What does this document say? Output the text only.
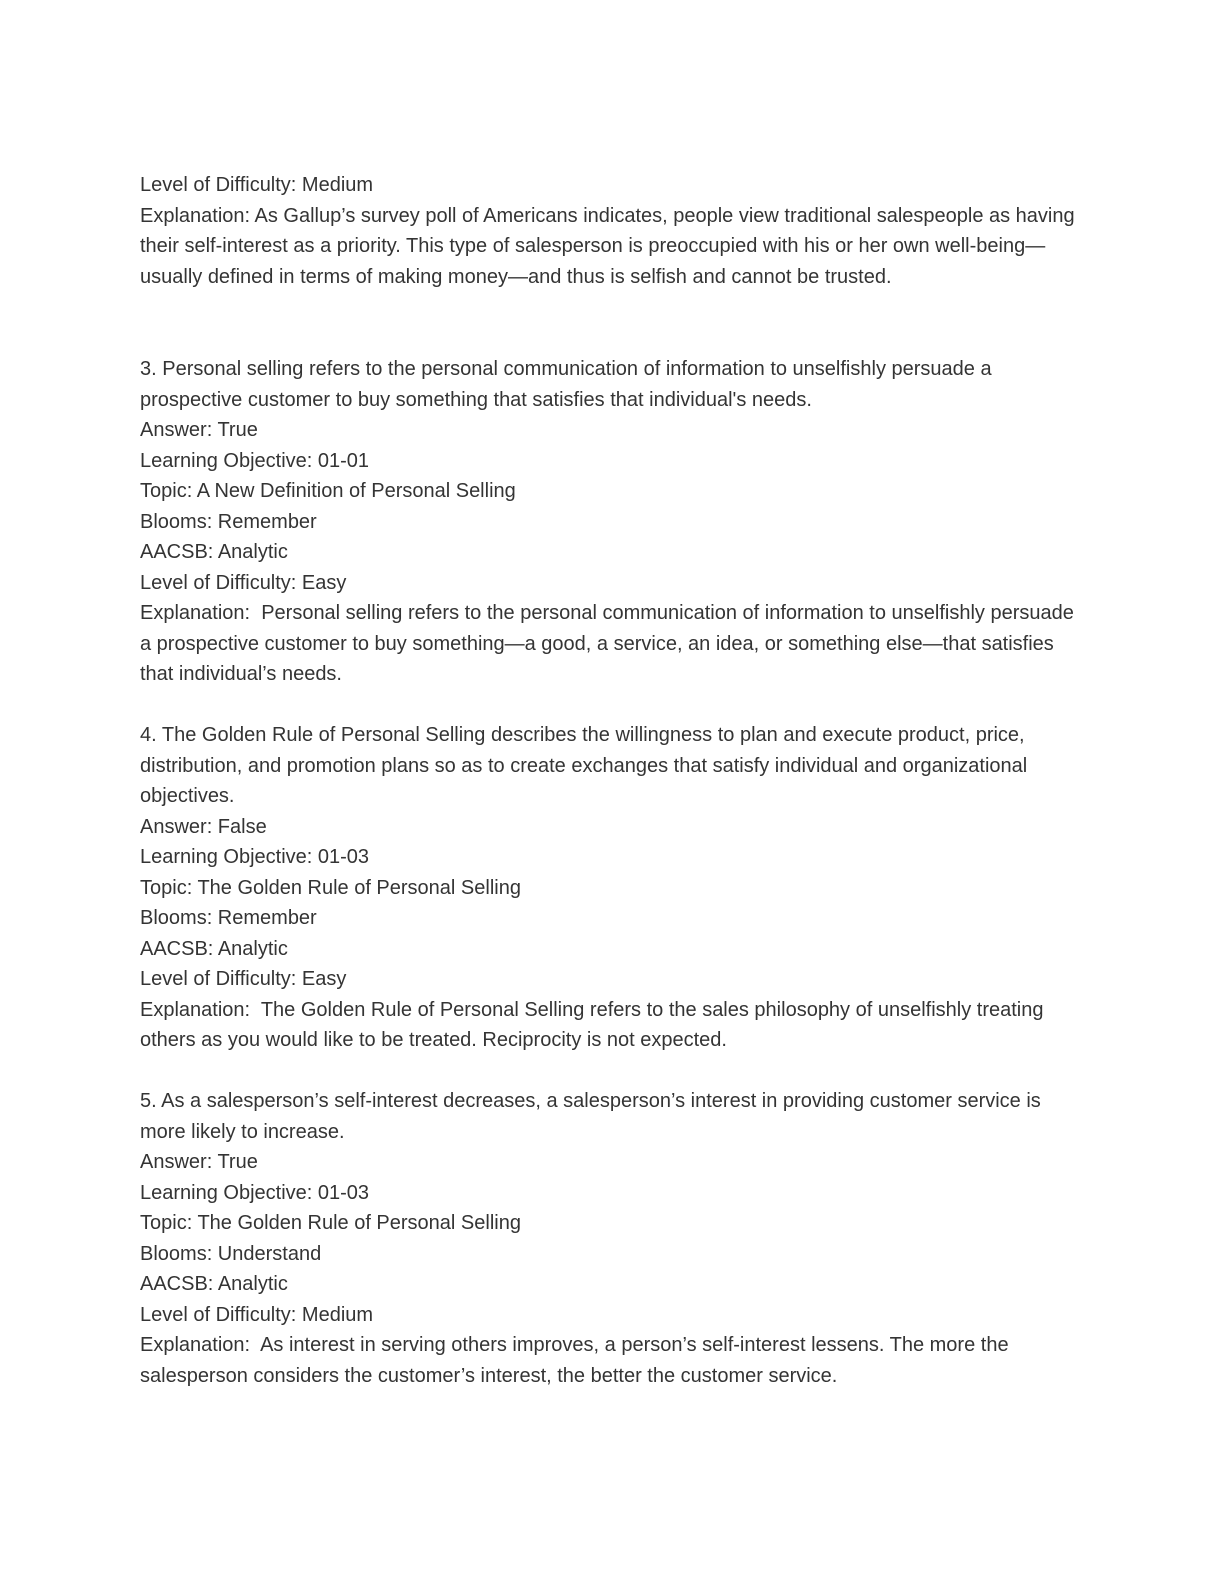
Level of Difficulty: Medium

Explanation: As Gallup’s survey poll of Americans indicates, people view traditional salespeople as having their self-interest as a priority. This type of salesperson is preoccupied with his or her own well-being—usually defined in terms of making money—and thus is selfish and cannot be trusted.

3. Personal selling refers to the personal communication of information to unselfishly persuade a prospective customer to buy something that satisfies that individual's needs.

Answer: True

Learning Objective: 01-01

Topic: A New Definition of Personal Selling

Blooms: Remember

AACSB: Analytic

Level of Difficulty: Easy

Explanation:  Personal selling refers to the personal communication of information to unselfishly persuade a prospective customer to buy something—a good, a service, an idea, or something else—that satisfies that individual’s needs.

4. The Golden Rule of Personal Selling describes the willingness to plan and execute product, price, distribution, and promotion plans so as to create exchanges that satisfy individual and organizational objectives.

Answer: False

Learning Objective: 01-03

Topic: The Golden Rule of Personal Selling

Blooms: Remember

AACSB: Analytic

Level of Difficulty: Easy

Explanation:  The Golden Rule of Personal Selling refers to the sales philosophy of unselfishly treating others as you would like to be treated. Reciprocity is not expected.

5. As a salesperson’s self-interest decreases, a salesperson’s interest in providing customer service is more likely to increase.

Answer: True

Learning Objective: 01-03

Topic: The Golden Rule of Personal Selling

Blooms: Understand

AACSB: Analytic

Level of Difficulty: Medium

Explanation:  As interest in serving others improves, a person’s self-interest lessens. The more the salesperson considers the customer’s interest, the better the customer service.
